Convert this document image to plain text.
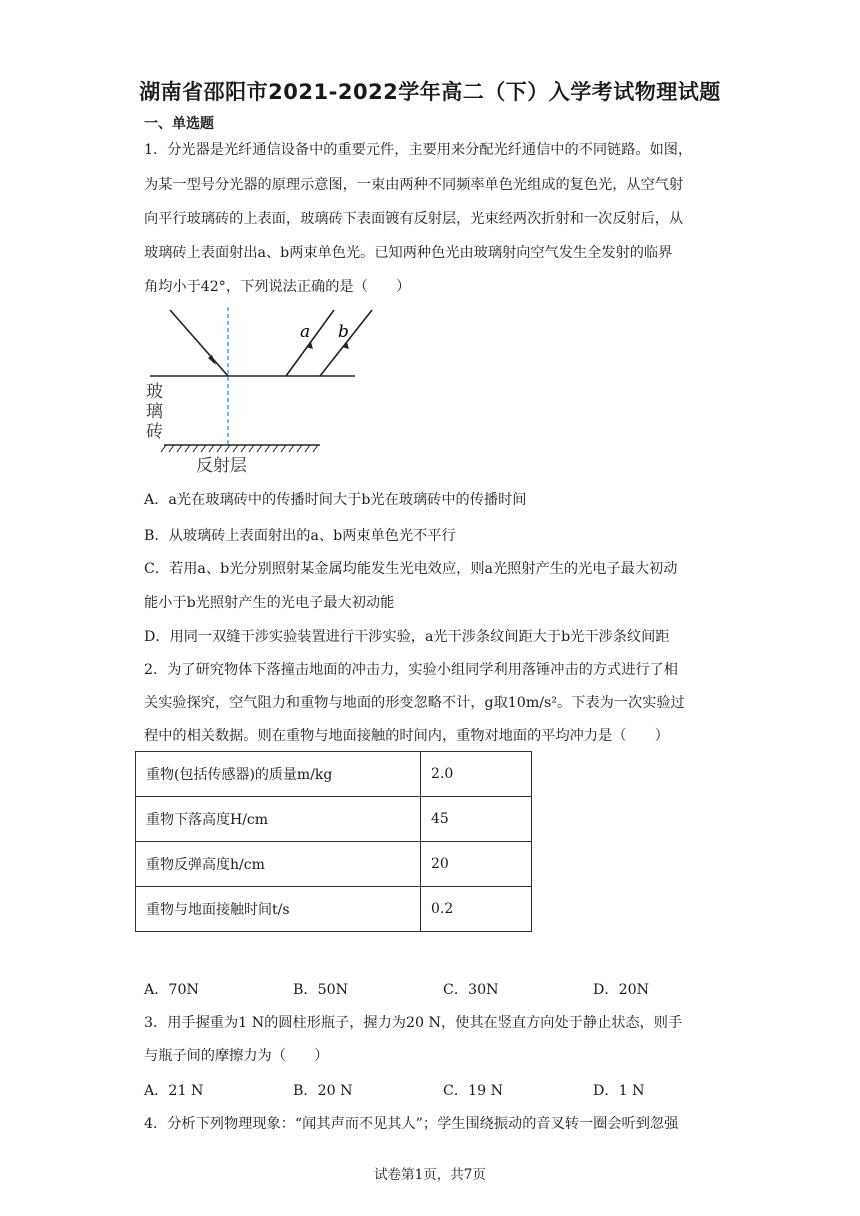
湖南省邵阳市2021-2022学年高二（下）入学考试物理试题
一、单选题
1．分光器是光纤通信设备中的重要元件，主要用来分配光纤通信中的不同链路。如图，
为某一型号分光器的原理示意图，一束由两种不同频率单色光组成的复色光，从空气射
向平行玻璃砖的上表面，玻璃砖下表面镀有反射层，光束经两次折射和一次反射后，从
玻璃砖上表面射出a、b两束单色光。已知两种色光由玻璃射向空气发生全发射的临界
角均小于42°，下列说法正确的是（　　）
a b
玻
璃
砖
反射层
A．a光在玻璃砖中的传播时间大于b光在玻璃砖中的传播时间
B．从玻璃砖上表面射出的a、b两束单色光不平行
C．若用a、b光分别照射某金属均能发生光电效应，则a光照射产生的光电子最大初动
能小于b光照射产生的光电子最大初动能
D．用同一双缝干涉实验装置进行干涉实验，a光干涉条纹间距大于b光干涉条纹间距
2．为了研究物体下落撞击地面的冲击力，实验小组同学利用落锤冲击的方式进行了相
关实验探究，空气阻力和重物与地面的形变忽略不计，g取10m/s²。下表为一次实验过
程中的相关数据。则在重物与地面接触的时间内，重物对地面的平均冲力是（　　）
重物(包括传感器)的质量m/kg	2.0
重物下落高度H/cm	45
重物反弹高度h/cm	20
重物与地面接触时间t/s	0.2
A．70N	B．50N	C．30N	D．20N
3．用手握重为1 N的圆柱形瓶子，握力为20 N，使其在竖直方向处于静止状态，则手
与瓶子间的摩擦力为（　　）
A．21 N	B．20 N	C．19 N	D．1 N
4．分析下列物理现象：“闻其声而不见其人”；学生围绕振动的音叉转一圈会听到忽强
试卷第1页，共7页
